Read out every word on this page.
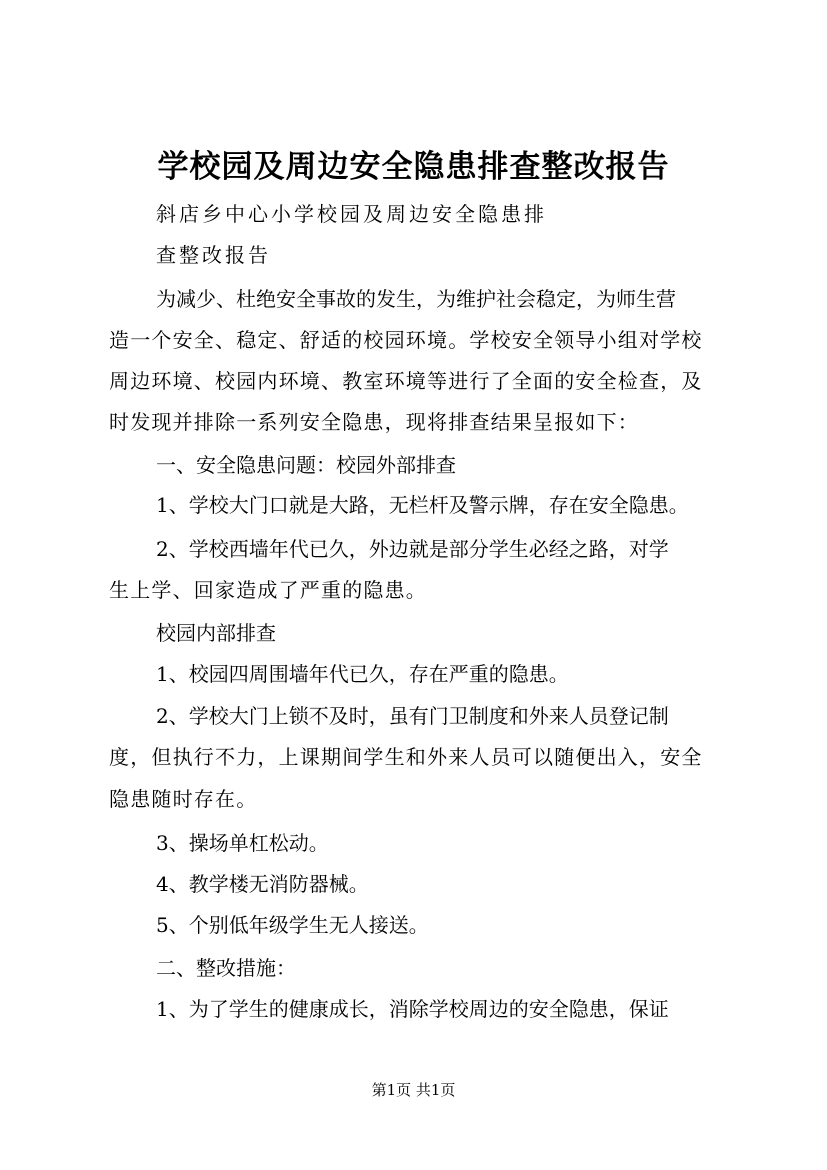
学校园及周边安全隐患排查整改报告
斜店乡中心小学校园及周边安全隐患排
查整改报告
为减少、杜绝安全事故的发生，为维护社会稳定，为师生营
造一个安全、稳定、舒适的校园环境。学校安全领导小组对学校
周边环境、校园内环境、教室环境等进行了全面的安全检查，及
时发现并排除一系列安全隐患，现将排查结果呈报如下：
一、安全隐患问题：校园外部排查
1、学校大门口就是大路，无栏杆及警示牌，存在安全隐患。
2、学校西墙年代已久，外边就是部分学生必经之路，对学
生上学、回家造成了严重的隐患。
校园内部排查
1、校园四周围墙年代已久，存在严重的隐患。
2、学校大门上锁不及时，虽有门卫制度和外来人员登记制
度，但执行不力，上课期间学生和外来人员可以随便出入，安全
隐患随时存在。
3、操场单杠松动。
4、教学楼无消防器械。
5、个别低年级学生无人接送。
二、整改措施：
1、为了学生的健康成长，消除学校周边的安全隐患，保证
第1页 共1页
